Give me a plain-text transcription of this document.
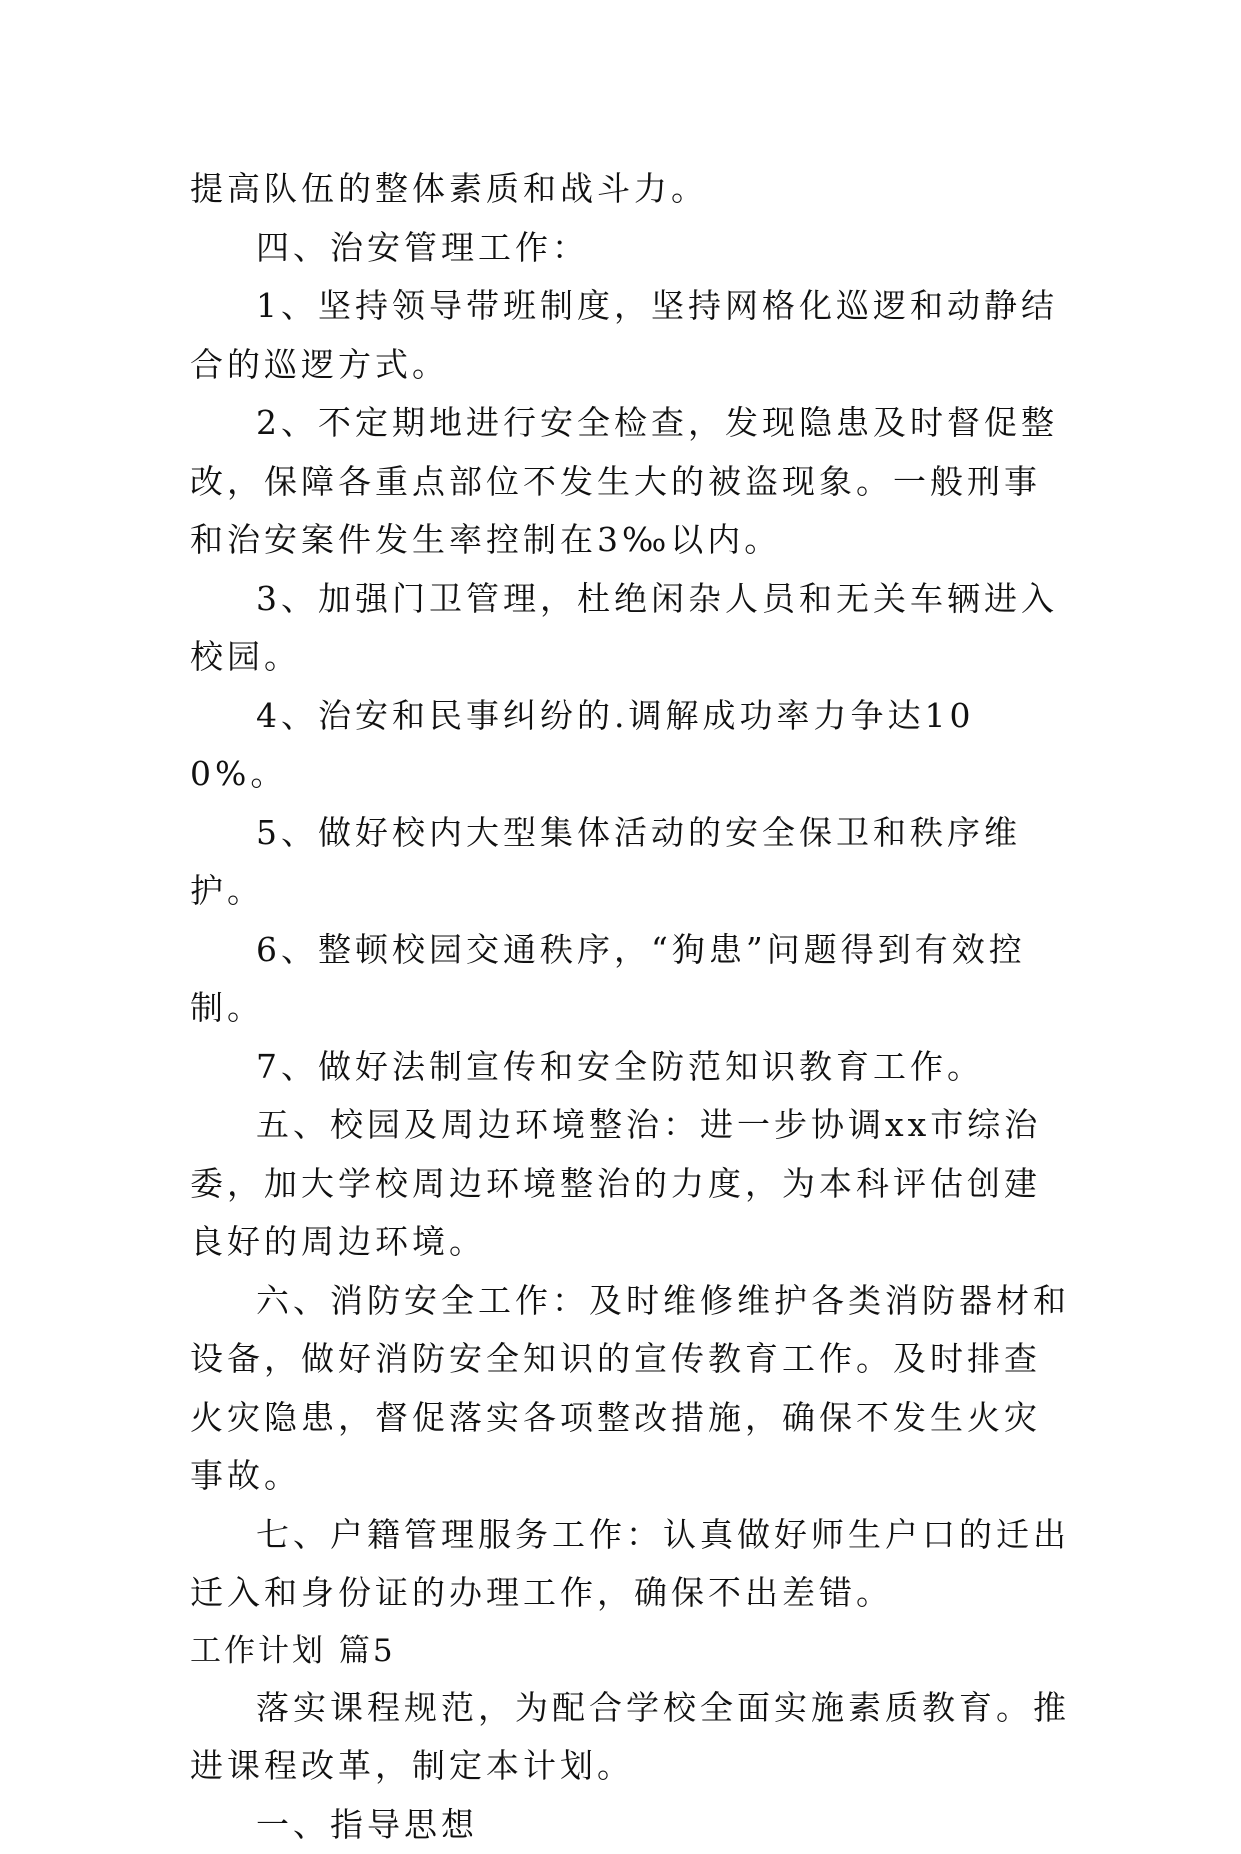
提高队伍的整体素质和战斗力。

四、治安管理工作：

1、坚持领导带班制度，坚持网格化巡逻和动静结合的巡逻方式。

2、不定期地进行安全检查，发现隐患及时督促整改，保障各重点部位不发生大的被盗现象。一般刑事和治安案件发生率控制在3‰以内。

3、加强门卫管理，杜绝闲杂人员和无关车辆进入校园。

4、治安和民事纠纷的.调解成功率力争达100%。

5、做好校内大型集体活动的安全保卫和秩序维护。

6、整顿校园交通秩序，“狗患”问题得到有效控制。

7、做好法制宣传和安全防范知识教育工作。

五、校园及周边环境整治：进一步协调xx市综治委，加大学校周边环境整治的力度，为本科评估创建良好的周边环境。

六、消防安全工作：及时维修维护各类消防器材和设备，做好消防安全知识的宣传教育工作。及时排查火灾隐患，督促落实各项整改措施，确保不发生火灾事故。

七、户籍管理服务工作：认真做好师生户口的迁出迁入和身份证的办理工作，确保不出差错。

工作计划 篇5

落实课程规范，为配合学校全面实施素质教育。推进课程改革，制定本计划。

一、指导思想
